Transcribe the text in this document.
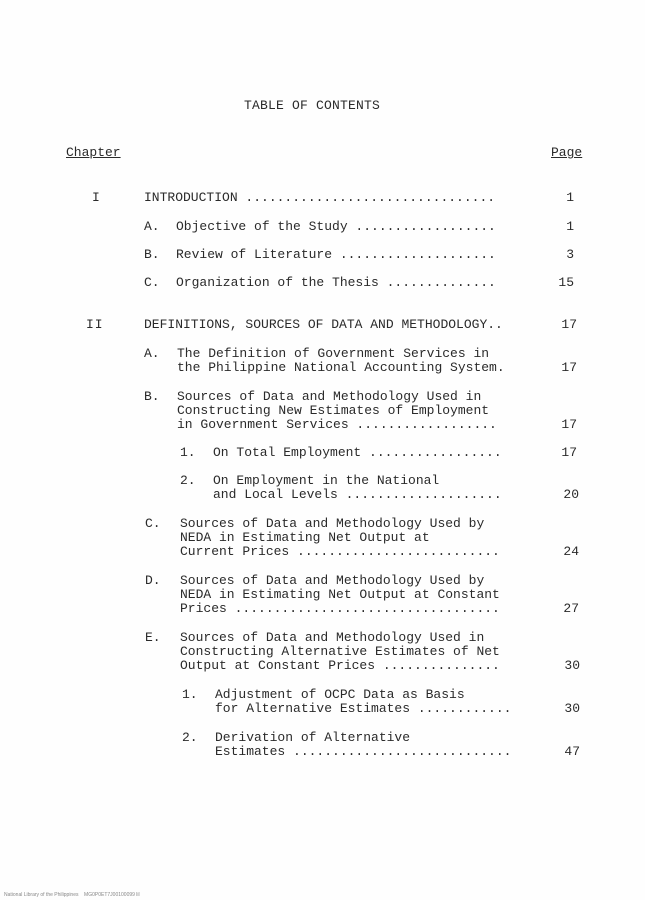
TABLE OF CONTENTS
Chapter	Page
I	INTRODUCTION ................................	1
A. Objective of the Study ..................	1
B. Review of Literature ....................	3
C. Organization of the Thesis ..............	15
II	DEFINITIONS, SOURCES OF DATA AND METHODOLOGY..	17
A. The Definition of Government Services in
the Philippine National Accounting System.	17
B. Sources of Data and Methodology Used in
Constructing New Estimates of Employment
in Government Services ..................	17
1. On Total Employment .................	17
2. On Employment in the National
and Local Levels ....................	20
C. Sources of Data and Methodology Used by
NEDA in Estimating Net Output at
Current Prices ..........................	24
D. Sources of Data and Methodology Used by
NEDA in Estimating Net Output at Constant
Prices ..................................	27
E. Sources of Data and Methodology Used in
Constructing Alternative Estimates of Net
Output at Constant Prices ...............	30
1. Adjustment of OCPC Data as Basis
for Alternative Estimates ............	30
2. Derivation of Alternative
Estimates ............................	47
National Library of the Philippines    MG0P0ET7J00100099 lil
